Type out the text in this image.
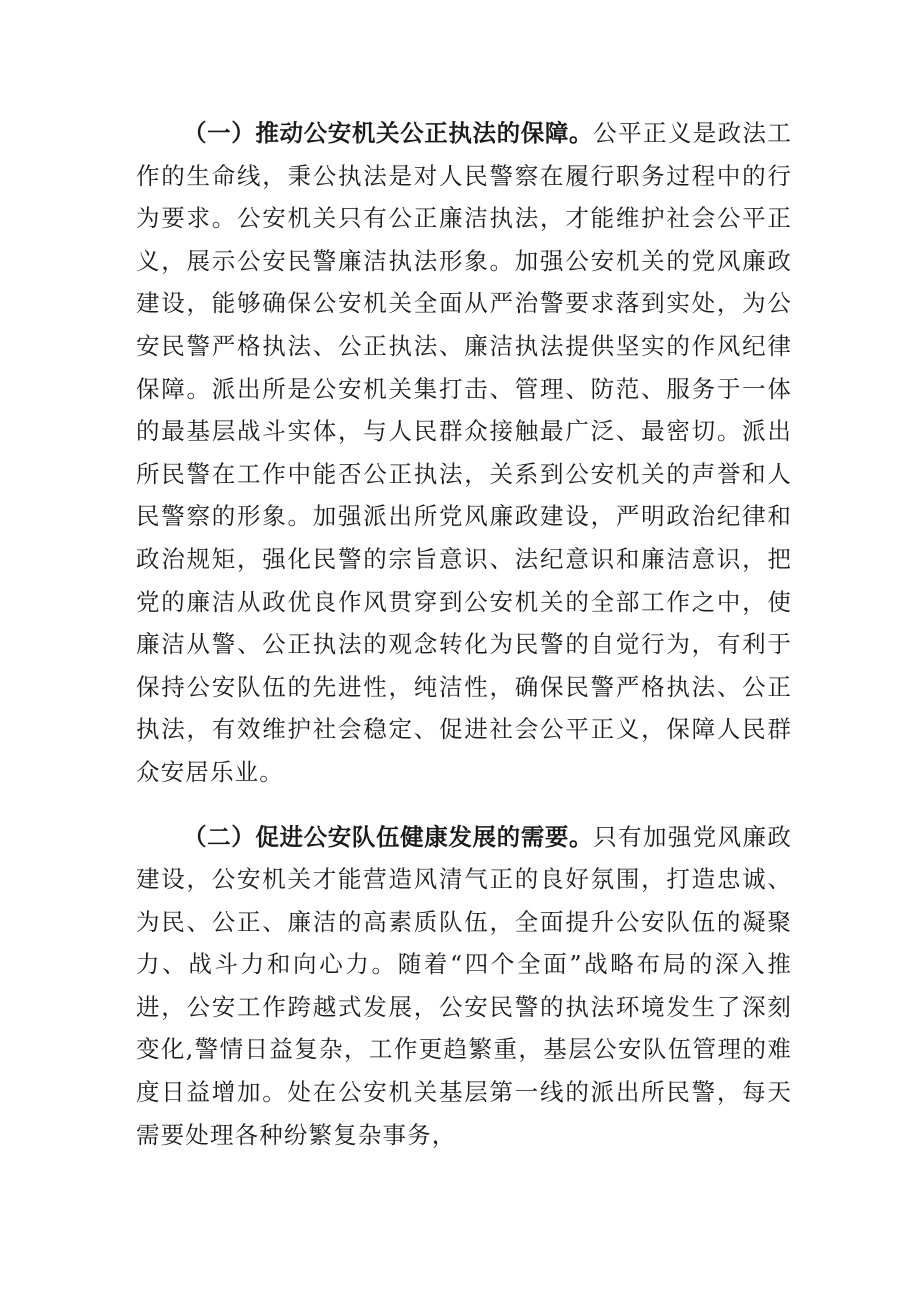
（一）推动公安机关公正执法的保障。公平正义是政法工作的生命线，秉公执法是对人民警察在履行职务过程中的行为要求。公安机关只有公正廉洁执法，才能维护社会公平正义，展示公安民警廉洁执法形象。加强公安机关的党风廉政建设，能够确保公安机关全面从严治警要求落到实处，为公安民警严格执法、公正执法、廉洁执法提供坚实的作风纪律保障。派出所是公安机关集打击、管理、防范、服务于一体的最基层战斗实体，与人民群众接触最广泛、最密切。派出所民警在工作中能否公正执法，关系到公安机关的声誉和人民警察的形象。加强派出所党风廉政建设，严明政治纪律和政治规矩，强化民警的宗旨意识、法纪意识和廉洁意识，把党的廉洁从政优良作风贯穿到公安机关的全部工作之中，使廉洁从警、公正执法的观念转化为民警的自觉行为，有利于保持公安队伍的先进性，纯洁性，确保民警严格执法、公正执法，有效维护社会稳定、促进社会公平正义，保障人民群众安居乐业。

（二）促进公安队伍健康发展的需要。只有加强党风廉政建设，公安机关才能营造风清气正的良好氛围，打造忠诚、为民、公正、廉洁的高素质队伍，全面提升公安队伍的凝聚力、战斗力和向心力。随着“四个全面”战略布局的深入推进，公安工作跨越式发展，公安民警的执法环境发生了深刻变化,警情日益复杂，工作更趋繁重，基层公安队伍管理的难度日益增加。处在公安机关基层第一线的派出所民警，每天需要处理各种纷繁复杂事务，
